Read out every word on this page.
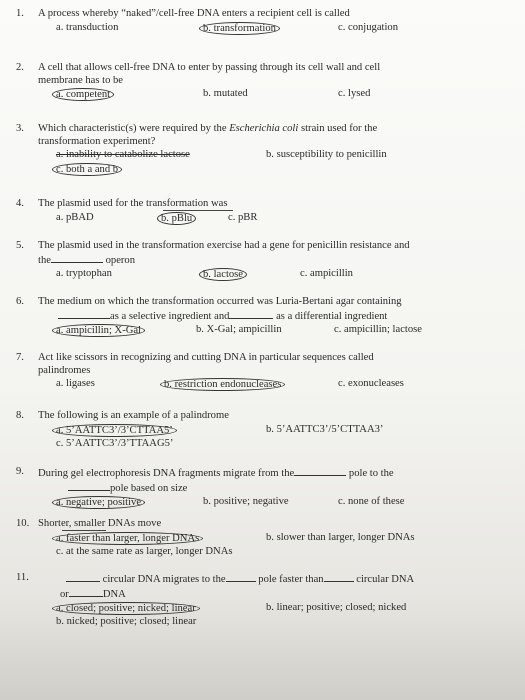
1. A process whereby “naked”/cell-free DNA enters a recipient cell is called
a. transduction	b. transformation	c. conjugation
2. A cell that allows cell-free DNA to enter by passing through its cell wall and cell
membrane has to be
a. competent	b. mutated	c. lysed
3. Which characteristic(s) were required by the Escherichia coli strain used for the
transformation experiment?
a. inability to catabolize lactose	b. susceptibility to penicillin
c. both a and b
4. The plasmid used for the transformation was
a. pBAD	b. pBlu	c. pBR
5. The plasmid used in the transformation exercise had a gene for penicillin resistance and
the	operon
a. tryptophan	b. lactose	c. ampicillin
6. The medium on which the transformation occurred was Luria-Bertani agar containing
as a selective ingredient and	as a differential ingredient
a. ampicillin; X-Gal	b. X-Gal; ampicillin	c. ampicillin; lactose
7. Act like scissors in recognizing and cutting DNA in particular sequences called
palindromes
a. ligases	b. restriction endonucleases	c. exonucleases
8. The following is an example of a palindrome
a. 5’AATTC3’/3’CTTAA5’	b. 5’AATTC3’/5’CTTAA3’
c. 5’AATTC3’/3’TTAAG5’
9. During gel electrophoresis DNA fragments migrate from the	pole to the
pole based on size
a. negative; positive	b. positive; negative	c. none of these
10. Shorter, smaller DNAs move
a. faster than larger, longer DNAs	b. slower than larger, longer DNAs
c. at the same rate as larger, longer DNAs
11.	circular DNA migrates to the	pole faster than	circular DNA
or	DNA
a. closed; positive; nicked; linear	b. linear; positive; closed; nicked
b. nicked; positive; closed; linear
